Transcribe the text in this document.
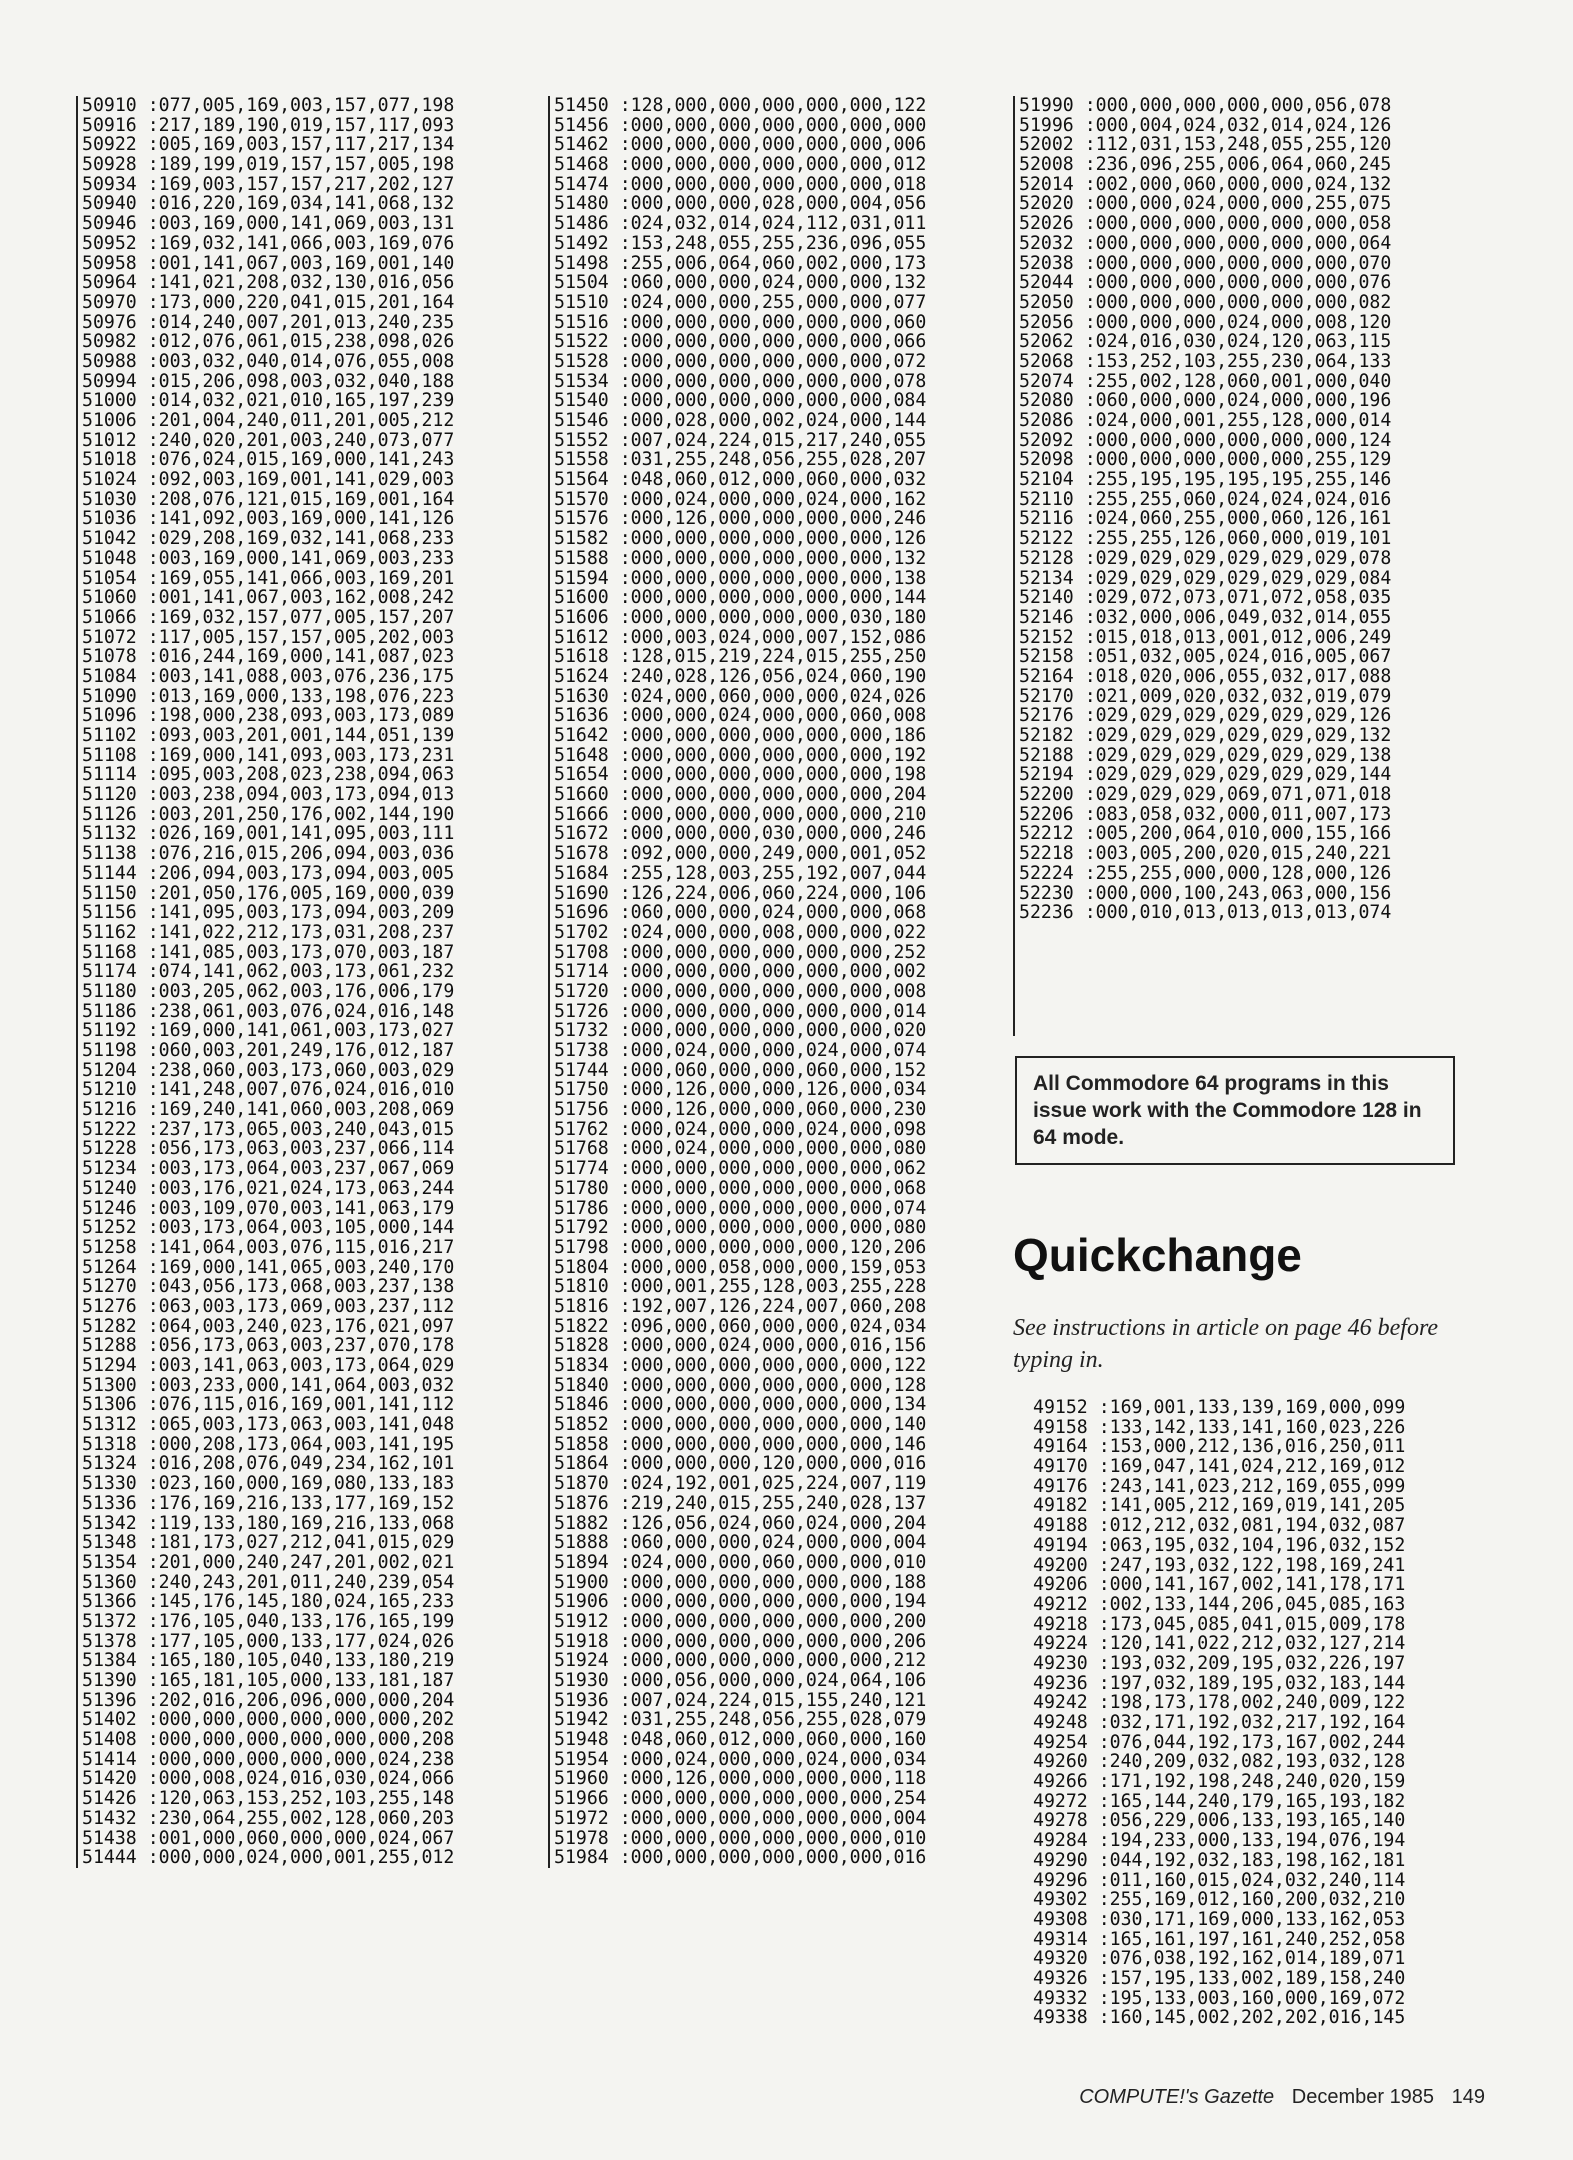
50910 :077,005,169,003,157,077,198
50916 :217,189,190,019,157,117,093
50922 :005,169,003,157,117,217,134
50928 :189,199,019,157,157,005,198
50934 :169,003,157,157,217,202,127
50940 :016,220,169,034,141,068,132
50946 :003,169,000,141,069,003,131
50952 :169,032,141,066,003,169,076
50958 :001,141,067,003,169,001,140
50964 :141,021,208,032,130,016,056
50970 :173,000,220,041,015,201,164
50976 :014,240,007,201,013,240,235
50982 :012,076,061,015,238,098,026
50988 :003,032,040,014,076,055,008
50994 :015,206,098,003,032,040,188
51000 :014,032,021,010,165,197,239
51006 :201,004,240,011,201,005,212
51012 :240,020,201,003,240,073,077
51018 :076,024,015,169,000,141,243
51024 :092,003,169,001,141,029,003
51030 :208,076,121,015,169,001,164
51036 :141,092,003,169,000,141,126
51042 :029,208,169,032,141,068,233
51048 :003,169,000,141,069,003,233
51054 :169,055,141,066,003,169,201
51060 :001,141,067,003,162,008,242
51066 :169,032,157,077,005,157,207
51072 :117,005,157,157,005,202,003
51078 :016,244,169,000,141,087,023
51084 :003,141,088,003,076,236,175
51090 :013,169,000,133,198,076,223
51096 :198,000,238,093,003,173,089
51102 :093,003,201,001,144,051,139
51108 :169,000,141,093,003,173,231
51114 :095,003,208,023,238,094,063
51120 :003,238,094,003,173,094,013
51126 :003,201,250,176,002,144,190
51132 :026,169,001,141,095,003,111
51138 :076,216,015,206,094,003,036
51144 :206,094,003,173,094,003,005
51150 :201,050,176,005,169,000,039
51156 :141,095,003,173,094,003,209
51162 :141,022,212,173,031,208,237
51168 :141,085,003,173,070,003,187
51174 :074,141,062,003,173,061,232
51180 :003,205,062,003,176,006,179
51186 :238,061,003,076,024,016,148
51192 :169,000,141,061,003,173,027
51198 :060,003,201,249,176,012,187
51204 :238,060,003,173,060,003,029
51210 :141,248,007,076,024,016,010
51216 :169,240,141,060,003,208,069
51222 :237,173,065,003,240,043,015
51228 :056,173,063,003,237,066,114
51234 :003,173,064,003,237,067,069
51240 :003,176,021,024,173,063,244
51246 :003,109,070,003,141,063,179
51252 :003,173,064,003,105,000,144
51258 :141,064,003,076,115,016,217
51264 :169,000,141,065,003,240,170
51270 :043,056,173,068,003,237,138
51276 :063,003,173,069,003,237,112
51282 :064,003,240,023,176,021,097
51288 :056,173,063,003,237,070,178
51294 :003,141,063,003,173,064,029
51300 :003,233,000,141,064,003,032
51306 :076,115,016,169,001,141,112
51312 :065,003,173,063,003,141,048
51318 :000,208,173,064,003,141,195
51324 :016,208,076,049,234,162,101
51330 :023,160,000,169,080,133,183
51336 :176,169,216,133,177,169,152
51342 :119,133,180,169,216,133,068
51348 :181,173,027,212,041,015,029
51354 :201,000,240,247,201,002,021
51360 :240,243,201,011,240,239,054
51366 :145,176,145,180,024,165,233
51372 :176,105,040,133,176,165,199
51378 :177,105,000,133,177,024,026
51384 :165,180,105,040,133,180,219
51390 :165,181,105,000,133,181,187
51396 :202,016,206,096,000,000,204
51402 :000,000,000,000,000,000,202
51408 :000,000,000,000,000,000,208
51414 :000,000,000,000,000,024,238
51420 :000,008,024,016,030,024,066
51426 :120,063,153,252,103,255,148
51432 :230,064,255,002,128,060,203
51438 :001,000,060,000,000,024,067
51444 :000,000,024,000,001,255,012
51450 :128,000,000,000,000,000,122
51456 :000,000,000,000,000,000,000
51462 :000,000,000,000,000,000,006
51468 :000,000,000,000,000,000,012
51474 :000,000,000,000,000,000,018
51480 :000,000,000,028,000,004,056
51486 :024,032,014,024,112,031,011
51492 :153,248,055,255,236,096,055
51498 :255,006,064,060,002,000,173
51504 :060,000,000,024,000,000,132
51510 :024,000,000,255,000,000,077
51516 :000,000,000,000,000,000,060
51522 :000,000,000,000,000,000,066
51528 :000,000,000,000,000,000,072
51534 :000,000,000,000,000,000,078
51540 :000,000,000,000,000,000,084
51546 :000,028,000,002,024,000,144
51552 :007,024,224,015,217,240,055
51558 :031,255,248,056,255,028,207
51564 :048,060,012,000,060,000,032
51570 :000,024,000,000,024,000,162
51576 :000,126,000,000,000,000,246
51582 :000,000,000,000,000,000,126
51588 :000,000,000,000,000,000,132
51594 :000,000,000,000,000,000,138
51600 :000,000,000,000,000,000,144
51606 :000,000,000,000,000,030,180
51612 :000,003,024,000,007,152,086
51618 :128,015,219,224,015,255,250
51624 :240,028,126,056,024,060,190
51630 :024,000,060,000,000,024,026
51636 :000,000,024,000,000,060,008
51642 :000,000,000,000,000,000,186
51648 :000,000,000,000,000,000,192
51654 :000,000,000,000,000,000,198
51660 :000,000,000,000,000,000,204
51666 :000,000,000,000,000,000,210
51672 :000,000,000,030,000,000,246
51678 :092,000,000,249,000,001,052
51684 :255,128,003,255,192,007,044
51690 :126,224,006,060,224,000,106
51696 :060,000,000,024,000,000,068
51702 :024,000,000,008,000,000,022
51708 :000,000,000,000,000,000,252
51714 :000,000,000,000,000,000,002
51720 :000,000,000,000,000,000,008
51726 :000,000,000,000,000,000,014
51732 :000,000,000,000,000,000,020
51738 :000,024,000,000,024,000,074
51744 :000,060,000,000,060,000,152
51750 :000,126,000,000,126,000,034
51756 :000,126,000,000,060,000,230
51762 :000,024,000,000,024,000,098
51768 :000,024,000,000,000,000,080
51774 :000,000,000,000,000,000,062
51780 :000,000,000,000,000,000,068
51786 :000,000,000,000,000,000,074
51792 :000,000,000,000,000,000,080
51798 :000,000,000,000,000,120,206
51804 :000,000,058,000,000,159,053
51810 :000,001,255,128,003,255,228
51816 :192,007,126,224,007,060,208
51822 :096,000,060,000,000,024,034
51828 :000,000,024,000,000,016,156
51834 :000,000,000,000,000,000,122
51840 :000,000,000,000,000,000,128
51846 :000,000,000,000,000,000,134
51852 :000,000,000,000,000,000,140
51858 :000,000,000,000,000,000,146
51864 :000,000,000,120,000,000,016
51870 :024,192,001,025,224,007,119
51876 :219,240,015,255,240,028,137
51882 :126,056,024,060,024,000,204
51888 :060,000,000,024,000,000,004
51894 :024,000,000,060,000,000,010
51900 :000,000,000,000,000,000,188
51906 :000,000,000,000,000,000,194
51912 :000,000,000,000,000,000,200
51918 :000,000,000,000,000,000,206
51924 :000,000,000,000,000,000,212
51930 :000,056,000,000,024,064,106
51936 :007,024,224,015,155,240,121
51942 :031,255,248,056,255,028,079
51948 :048,060,012,000,060,000,160
51954 :000,024,000,000,024,000,034
51960 :000,126,000,000,000,000,118
51966 :000,000,000,000,000,000,254
51972 :000,000,000,000,000,000,004
51978 :000,000,000,000,000,000,010
51984 :000,000,000,000,000,000,016
51990 :000,000,000,000,000,056,078
51996 :000,004,024,032,014,024,126
52002 :112,031,153,248,055,255,120
52008 :236,096,255,006,064,060,245
52014 :002,000,060,000,000,024,132
52020 :000,000,024,000,000,255,075
52026 :000,000,000,000,000,000,058
52032 :000,000,000,000,000,000,064
52038 :000,000,000,000,000,000,070
52044 :000,000,000,000,000,000,076
52050 :000,000,000,000,000,000,082
52056 :000,000,000,024,000,008,120
52062 :024,016,030,024,120,063,115
52068 :153,252,103,255,230,064,133
52074 :255,002,128,060,001,000,040
52080 :060,000,000,024,000,000,196
52086 :024,000,001,255,128,000,014
52092 :000,000,000,000,000,000,124
52098 :000,000,000,000,000,255,129
52104 :255,195,195,195,195,255,146
52110 :255,255,060,024,024,024,016
52116 :024,060,255,000,060,126,161
52122 :255,255,126,060,000,019,101
52128 :029,029,029,029,029,029,078
52134 :029,029,029,029,029,029,084
52140 :029,072,073,071,072,058,035
52146 :032,000,006,049,032,014,055
52152 :015,018,013,001,012,006,249
52158 :051,032,005,024,016,005,067
52164 :018,020,006,055,032,017,088
52170 :021,009,020,032,032,019,079
52176 :029,029,029,029,029,029,126
52182 :029,029,029,029,029,029,132
52188 :029,029,029,029,029,029,138
52194 :029,029,029,029,029,029,144
52200 :029,029,029,069,071,071,018
52206 :083,058,032,000,011,007,173
52212 :005,200,064,010,000,155,166
52218 :003,005,200,020,015,240,221
52224 :255,255,000,000,128,000,126
52230 :000,000,100,243,063,000,156
52236 :000,010,013,013,013,013,074
All Commodore 64 programs in this issue work with the Commodore 128 in 64 mode.
Quickchange
See instructions in article on page 46 before typing in.
49152 :169,001,133,139,169,000,099
49158 :133,142,133,141,160,023,226
49164 :153,000,212,136,016,250,011
49170 :169,047,141,024,212,169,012
49176 :243,141,023,212,169,055,099
49182 :141,005,212,169,019,141,205
49188 :012,212,032,081,194,032,087
49194 :063,195,032,104,196,032,152
49200 :247,193,032,122,198,169,241
49206 :000,141,167,002,141,178,171
49212 :002,133,144,206,045,085,163
49218 :173,045,085,041,015,009,178
49224 :120,141,022,212,032,127,214
49230 :193,032,209,195,032,226,197
49236 :197,032,189,195,032,183,144
49242 :198,173,178,002,240,009,122
49248 :032,171,192,032,217,192,164
49254 :076,044,192,173,167,002,244
49260 :240,209,032,082,193,032,128
49266 :171,192,198,248,240,020,159
49272 :165,144,240,179,165,193,182
49278 :056,229,006,133,193,165,140
49284 :194,233,000,133,194,076,194
49290 :044,192,032,183,198,162,181
49296 :011,160,015,024,032,240,114
49302 :255,169,012,160,200,032,210
49308 :030,171,169,000,133,162,053
49314 :165,161,197,161,240,252,058
49320 :076,038,192,162,014,189,071
49326 :157,195,133,002,189,158,240
49332 :195,133,003,160,000,169,072
49338 :160,145,002,202,202,016,145
COMPUTE!'s Gazette December 1985 149
